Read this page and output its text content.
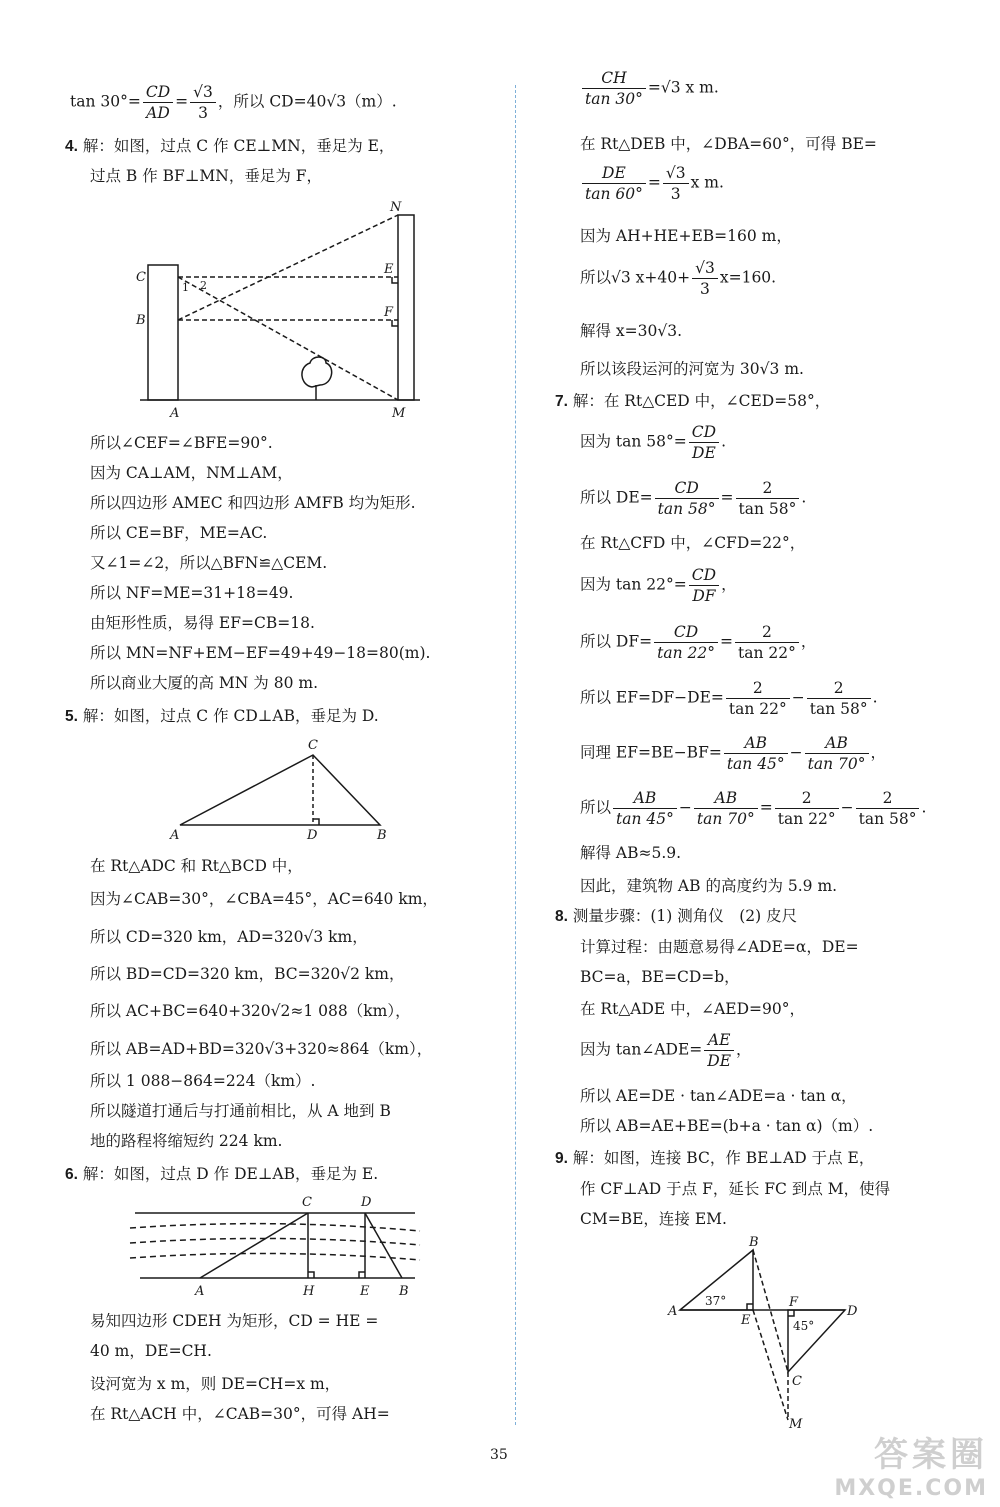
$\tan 30^\circ= \frac{CD}{AD} = \frac{√3}{3}$ ，所以 CD=40√3（m）.
4. 解：如图，过点 C 作 CE⊥MN，垂足为 E，
过点 B 作 BF⊥MN，垂足为 F，
N
C
E
B
F
A	M
1 2
所以∠CEF=∠BFE=90°.
因为 CA⊥AM，NM⊥AM，
所以四边形 AMEC 和四边形 AMFB 均为矩形.
所以 CE=BF，ME=AC.
又∠1=∠2，所以△BFN≌△CEM.
所以 NF=ME=31+18=49.
由矩形性质，易得 EF=CB=18.
所以 MN=NF+EM−EF=49+49−18=80(m).
所以商业大厦的高 MN 为 80 m.
5. 解：如图，过点 C 作 CD⊥AB，垂足为 D.
C
A	D	B
在 Rt△ADC 和 Rt△BCD 中，
因为∠CAB=30°，∠CBA=45°，AC=640 km，
所以 CD=320 km，AD=320√3 km，
所以 BD=CD=320 km，BC=320√2 km，
所以 AC+BC=640+320√2≈1 088（km），
所以 AB=AD+BD=320√3+320≈864（km），
所以 1 088−864=224（km）.
所以隧道打通后与打通前相比，从 A 地到 B
地的路程将缩短约 224 km.
6. 解：如图，过点 D 作 DE⊥AB，垂足为 E.
C	D
A	H	E B
易知四边形 CDEH 为矩形，CD = HE =
40 m，DE=CH.
设河宽为 x m，则 DE=CH=x m，
在 Rt△ACH 中，∠CAB=30°，可得 AH=
$\frac{CH}{\tan 30^\circ} =√3$ x m.
在 Rt△DEB 中，∠DBA=60°，可得 BE=
$\frac{DE}{\tan 60^\circ} = \frac{√3}{3}$ x m.
因为 AH+HE+EB=160 m，
所以√3 $x+40+ \frac{√3}{3} x=160$.
解得 x=30√3.
所以该段运河的河宽为 30√3 m.
7. 解：在 Rt△CED 中，∠CED=58°，
因为 $\tan 58^\circ= \frac{CD}{DE}$ .
所以 $DE= \frac{CD}{\tan 58^\circ} = \frac{2}{\tan 58^\circ}$ .
在 Rt△CFD 中，∠CFD=22°，
因为 $\tan 22^\circ= \frac{CD}{DF}$ ，
所以 $DF= \frac{CD}{\tan 22^\circ} = \frac{2}{\tan 22^\circ}$ ，
所以 $EF=DF-DE= \frac{2}{\tan 22^\circ} - \frac{2}{\tan 58^\circ}$ .
同理 $EF=BE-BF= \frac{AB}{\tan 45^\circ} - \frac{AB}{\tan 70^\circ}$ ，
所以 $\frac{AB}{\tan 45^\circ} - \frac{AB}{\tan 70^\circ} = \frac{2}{\tan 22^\circ} - \frac{2}{\tan 58^\circ}$ .
解得 AB≈5.9.
因此，建筑物 AB 的高度约为 5.9 m.
8. 测量步骤：(1) 测角仪　(2) 皮尺
计算过程：由题意易得∠ADE=α，DE=
BC=a，BE=CD=b，
在 Rt△ADE 中，∠AED=90°，
因为 tan∠ADE= $\frac{AE}{DE}$ ，
所以 AE=DE · tan∠ADE=a · tan α，
所以 AB=AE+BE=(b+a · tan α)（m）.
9. 解：如图，连接 BC，作 BE⊥AD 于点 E，
作 CF⊥AD 于点 F，延长 FC 到点 M，使得
CM=BE，连接 EM.
B
A
E
F
D
C
M
37°
45°
35	答案圈
MXQE.COM
